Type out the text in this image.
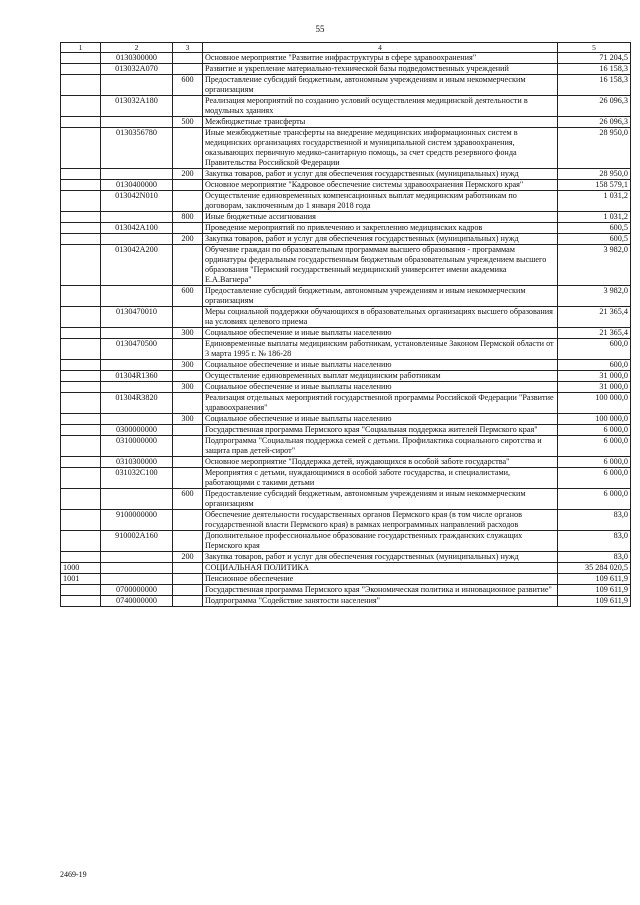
55
1	2	3	4	5
	0130300000		Основное мероприятие "Развитие инфраструктуры в сфере здравоохранения"	71 204,5
	013032А070		Развитие и укрепление материально-технической базы подведомственных учреждений	16 158,3
		600	Предоставление субсидий бюджетным, автономным учреждениям и иным некоммерческим организациям	16 158,3
	013032А180		Реализация мероприятий по созданию условий осуществления медицинской деятельности в модульных зданиях	26 096,3
		500	Межбюджетные трансферты	26 096,3
	0130356780		Иные межбюджетные трансферты на внедрение медицинских информационных систем в медицинских организациях государственной и муниципальной систем здравоохранения, оказывающих первичную медико-санитарную помощь, за счет средств резервного фонда Правительства Российской Федерации	28 950,0
		200	Закупка товаров, работ и услуг для обеспечения государственных (муниципальных) нужд	28 950,0
	0130400000		Основное мероприятие "Кадровое обеспечение системы здравоохранения Пермского края"	158 579,1
	013042N010		Осуществление единовременных компенсационных выплат медицинским работникам по договорам, заключенным до 1 января 2018 года	1 031,2
		800	Иные бюджетные ассигнования	1 031,2
	013042А100		Проведение мероприятий по привлечению и закреплению медицинских кадров	600,5
		200	Закупка товаров, работ и услуг для обеспечения государственных (муниципальных) нужд	600,5
	013042А200		Обучение граждан по образовательным программам высшего образования - программам ординатуры федеральным государственным бюджетным образовательным учреждением высшего образования "Пермский государственный медицинский университет имени академика Е.А.Вагнера"	3 982,0
		600	Предоставление субсидий бюджетным, автономным учреждениям и иным некоммерческим организациям	3 982,0
	0130470010		Меры социальной поддержки обучающихся в образовательных организациях высшего образования на условиях целевого приема	21 365,4
		300	Социальное обеспечение и иные выплаты населению	21 365,4
	0130470500		Единовременные выплаты медицинским работникам, установленные Законом Пермской области от 3 марта 1995 г. № 186-28	600,0
		300	Социальное обеспечение и иные выплаты населению	600,0
	01304R1360		Осуществление единовременных выплат медицинским работникам	31 000,0
		300	Социальное обеспечение и иные выплаты населению	31 000,0
	01304R3820		Реализация отдельных мероприятий государственной программы Российской Федерации "Развитие здравоохранения"	100 000,0
		300	Социальное обеспечение и иные выплаты населению	100 000,0
	0300000000		Государственная программа Пермского края "Социальная поддержка жителей Пермского края"	6 000,0
	0310000000		Подпрограмма "Социальная поддержка семей с детьми. Профилактика социального сиротства и защита прав детей-сирот"	6 000,0
	0310300000		Основное мероприятие "Поддержка детей, нуждающихся в особой заботе государства"	6 000,0
	031032С100		Мероприятия с детьми, нуждающимися в особой заботе государства, и специалистами, работающими с такими детьми	6 000,0
		600	Предоставление субсидий бюджетным, автономным учреждениям и иным некоммерческим организациям	6 000,0
	9100000000		Обеспечение деятельности государственных органов Пермского края (в том числе органов государственной власти Пермского края) в рамках непрограммных направлений расходов	83,0
	910002А160		Дополнительное профессиональное образование государственных гражданских служащих Пермского края	83,0
		200	Закупка товаров, работ и услуг для обеспечения государственных (муниципальных) нужд	83,0
1000			СОЦИАЛЬНАЯ ПОЛИТИКА	35 284 020,5
1001			Пенсионное обеспечение	109 611,9
	0700000000		Государственная программа Пермского края "Экономическая политика и инновационное развитие"	109 611,9
	0740000000		Подпрограмма "Содействие занятости населения"	109 611,9
2469-19
